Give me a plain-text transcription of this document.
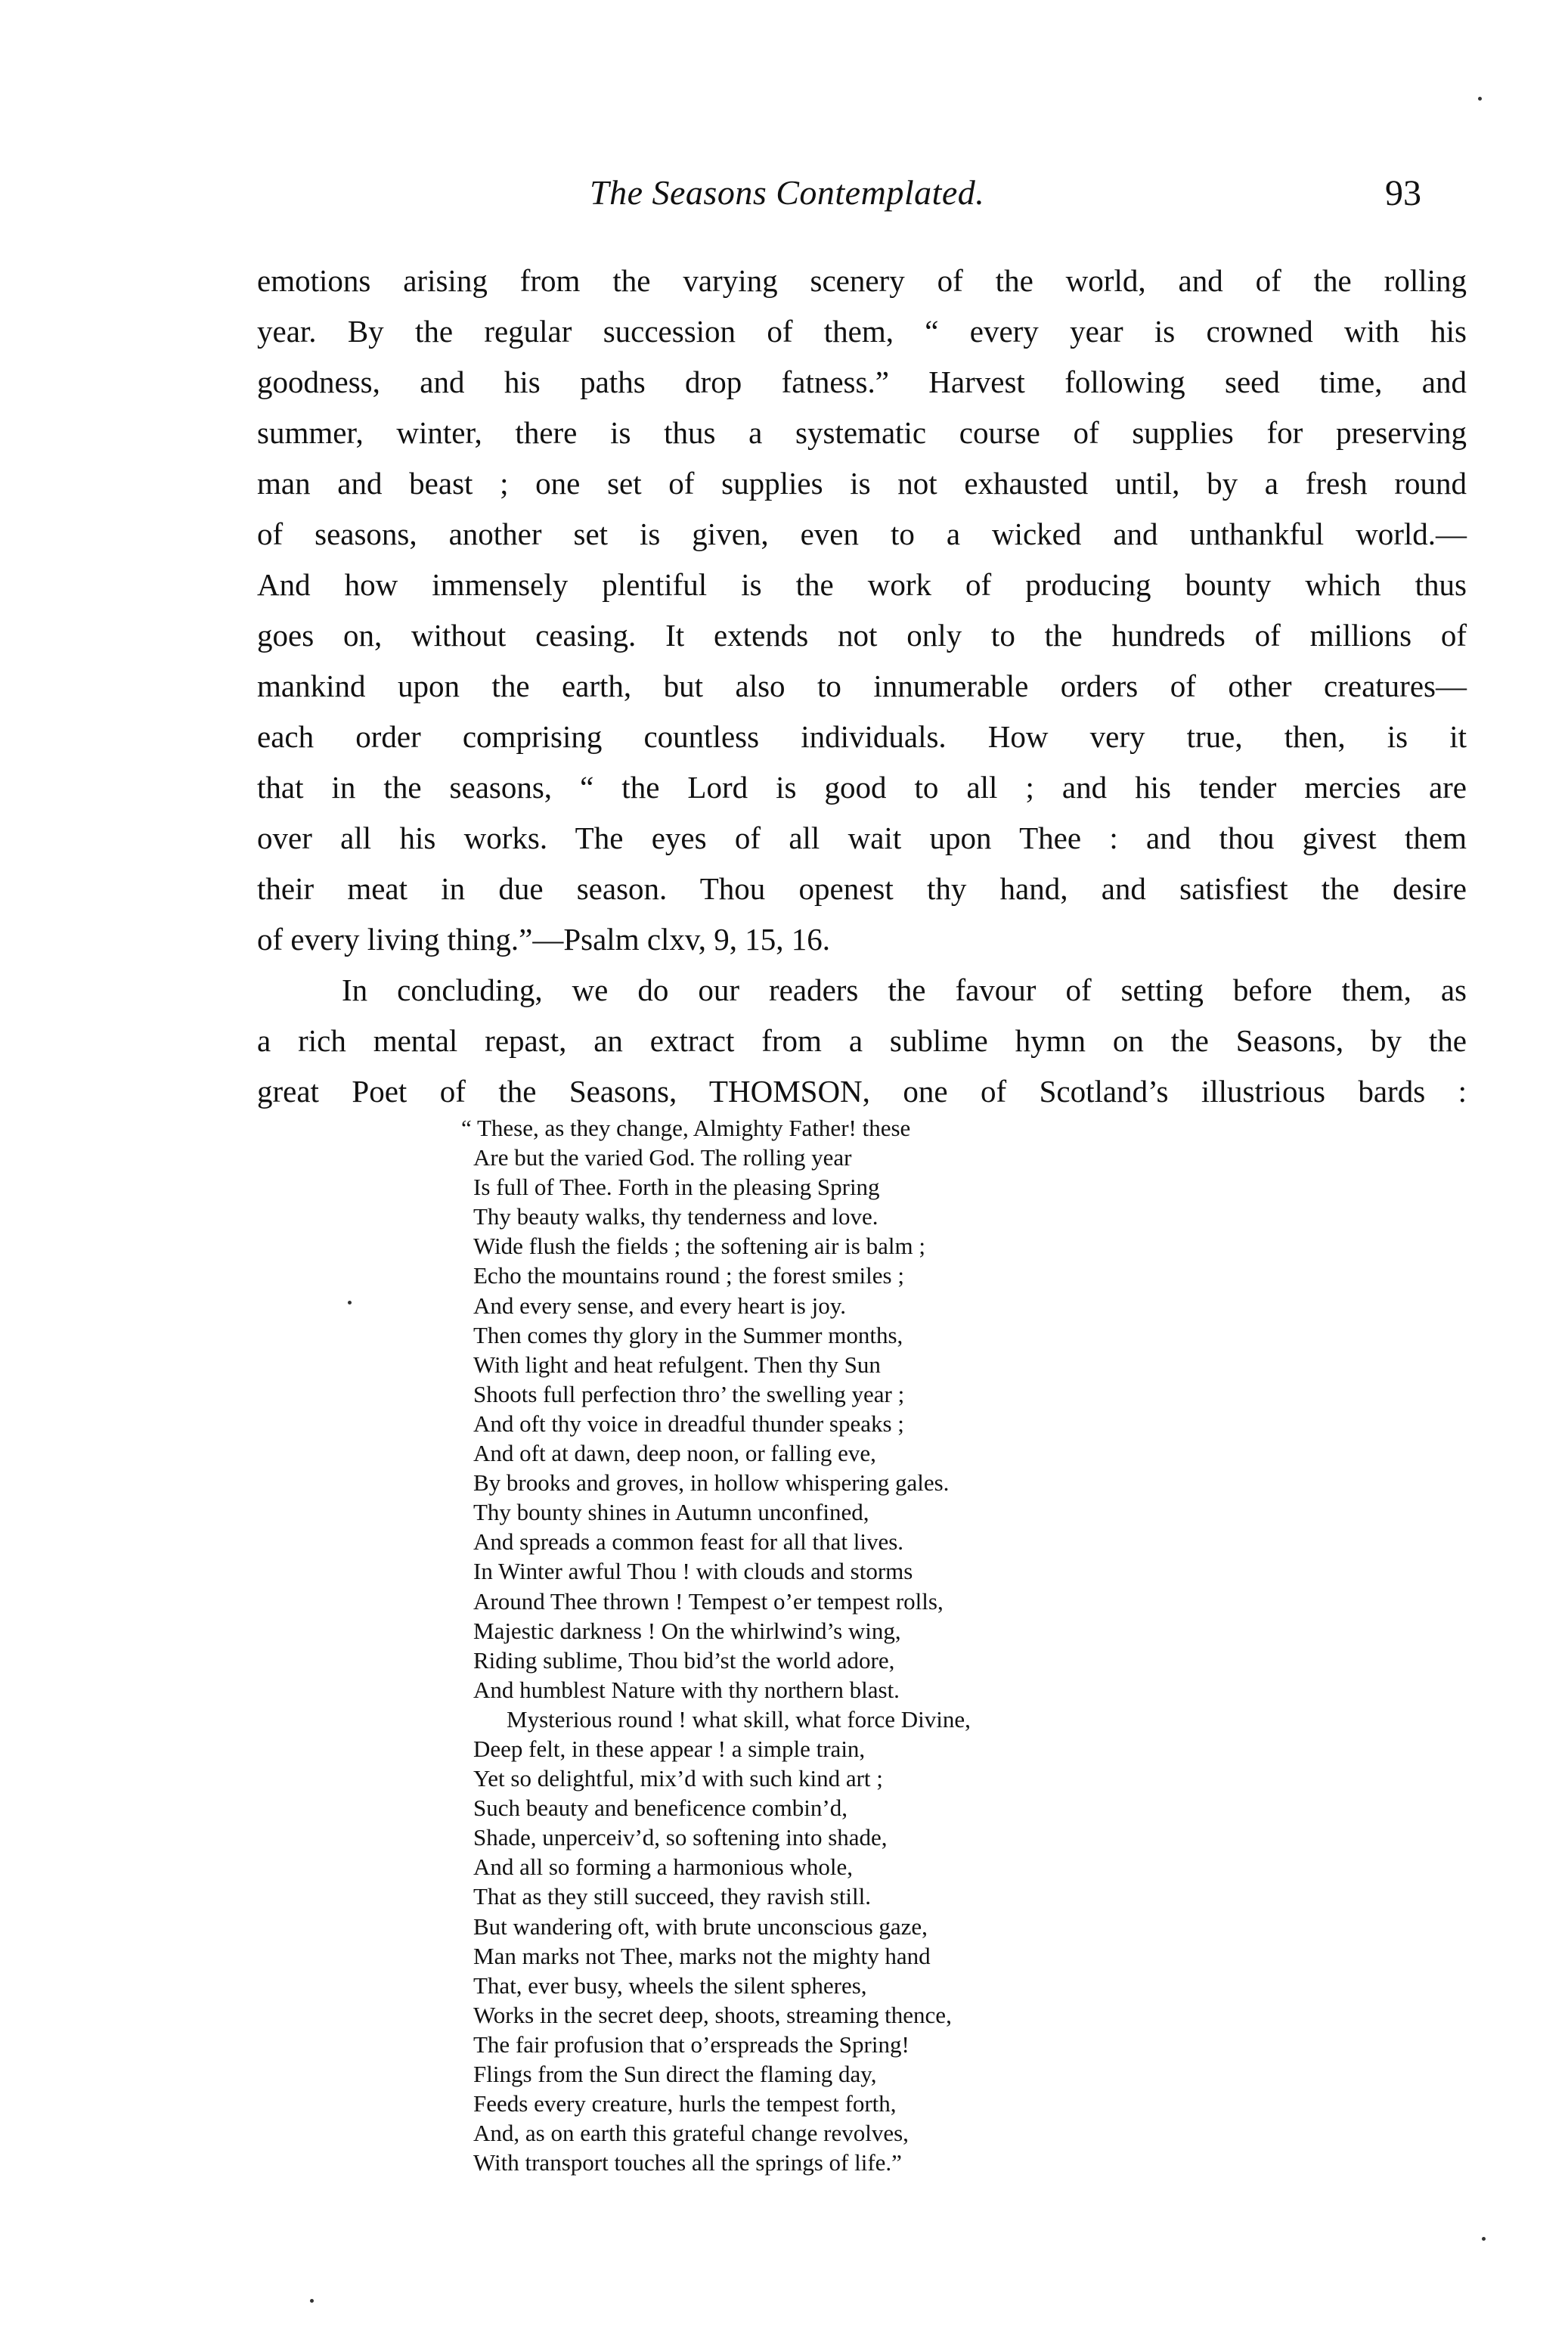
The Seasons Contemplated.	93
emotions arising from the varying scenery of the world, and of the rolling
year. By the regular succession of them, “ every year is crowned with his
goodness, and his paths drop fatness.” Harvest following seed time, and
summer, winter, there is thus a systematic course of supplies for preserving
man and beast ; one set of supplies is not exhausted until, by a fresh round
of seasons, another set is given, even to a wicked and unthankful world.—
And how immensely plentiful is the work of producing bounty which thus
goes on, without ceasing. It extends not only to the hundreds of millions of
mankind upon the earth, but also to innumerable orders of other creatures—
each order comprising countless individuals. How very true, then, is it
that in the seasons, “ the Lord is good to all ; and his tender mercies are
over all his works. The eyes of all wait upon Thee : and thou givest them
their meat in due season. Thou openest thy hand, and satisfiest the desire
of every living thing.”—Psalm clxv, 9, 15, 16.
In concluding, we do our readers the favour of setting before them, as
a rich mental repast, an extract from a sublime hymn on the Seasons, by the
great Poet of the Seasons, THOMSON, one of Scotland’s illustrious bards :
“ These, as they change, Almighty Father! these
Are but the varied God. The rolling year
Is full of Thee. Forth in the pleasing Spring
Thy beauty walks, thy tenderness and love.
Wide flush the fields ; the softening air is balm ;
Echo the mountains round ; the forest smiles ;
And every sense, and every heart is joy.
Then comes thy glory in the Summer months,
With light and heat refulgent. Then thy Sun
Shoots full perfection thro’ the swelling year ;
And oft thy voice in dreadful thunder speaks ;
And oft at dawn, deep noon, or falling eve,
By brooks and groves, in hollow whispering gales.
Thy bounty shines in Autumn unconfined,
And spreads a common feast for all that lives.
In Winter awful Thou ! with clouds and storms
Around Thee thrown ! Tempest o’er tempest rolls,
Majestic darkness ! On the whirlwind’s wing,
Riding sublime, Thou bid’st the world adore,
And humblest Nature with thy northern blast.
Mysterious round ! what skill, what force Divine,
Deep felt, in these appear ! a simple train,
Yet so delightful, mix’d with such kind art ;
Such beauty and beneficence combin’d,
Shade, unperceiv’d, so softening into shade,
And all so forming a harmonious whole,
That as they still succeed, they ravish still.
But wandering oft, with brute unconscious gaze,
Man marks not Thee, marks not the mighty hand
That, ever busy, wheels the silent spheres,
Works in the secret deep, shoots, streaming thence,
The fair profusion that o’erspreads the Spring!
Flings from the Sun direct the flaming day,
Feeds every creature, hurls the tempest forth,
And, as on earth this grateful change revolves,
With transport touches all the springs of life.”
